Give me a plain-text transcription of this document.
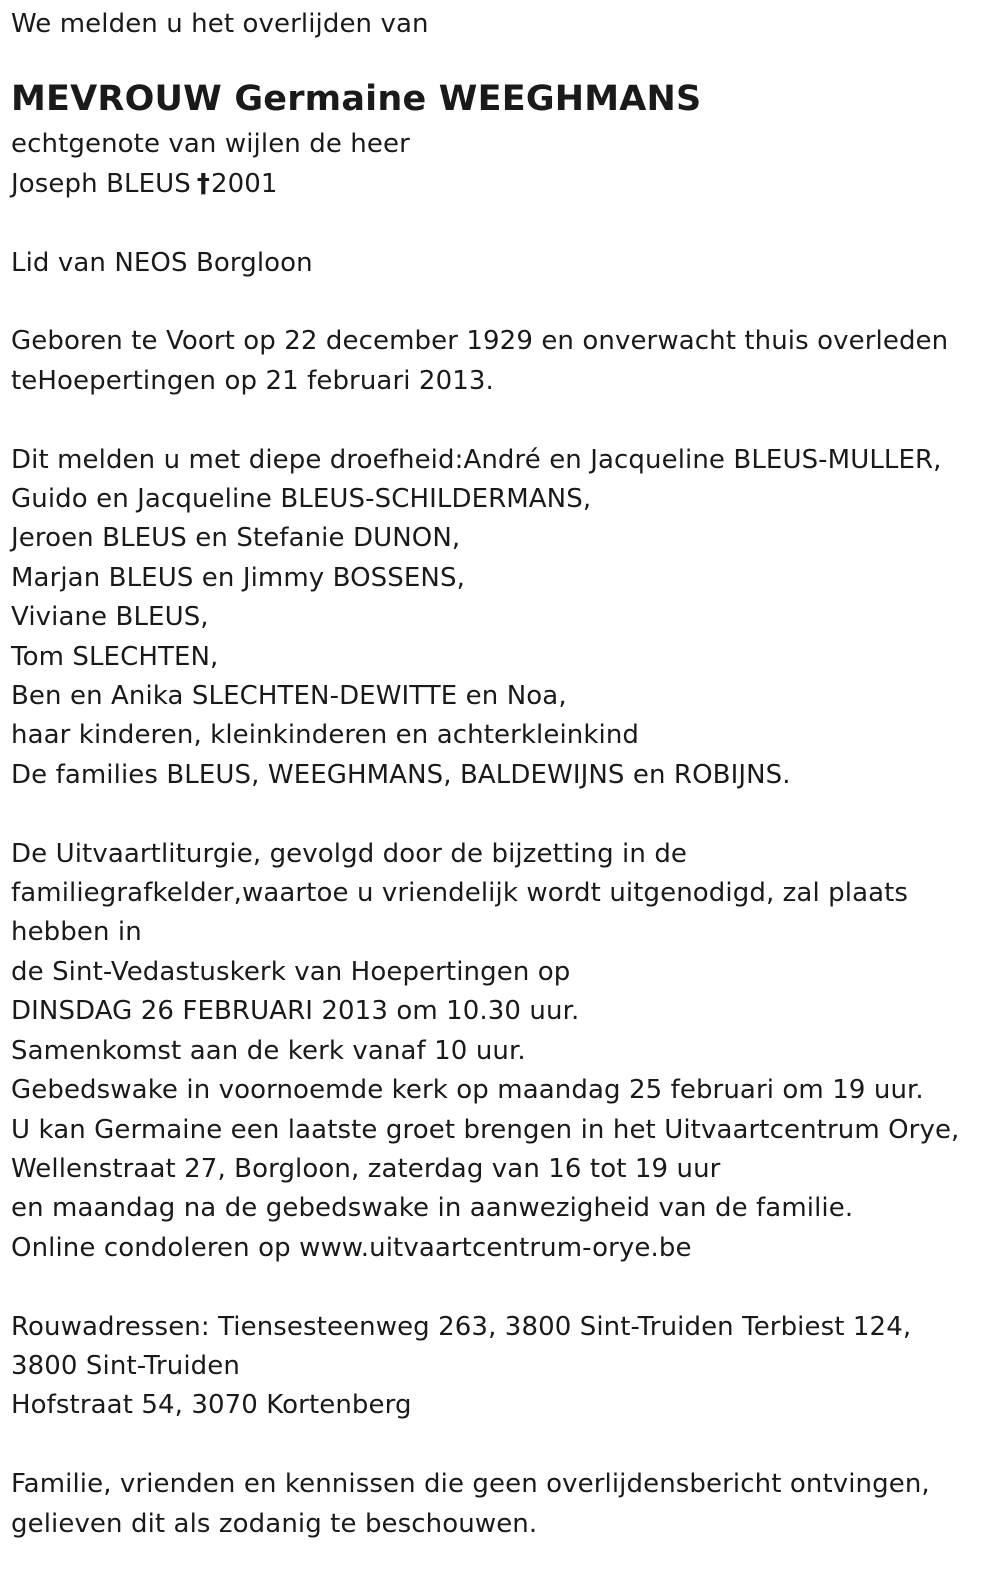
We melden u het overlijden van
MEVROUW Germaine WEEGHMANS
echtgenote van wijlen de heer
Joseph BLEUS †2001
Lid van NEOS Borgloon
Geboren te Voort op 22 december 1929 en onverwacht thuis overleden
teHoepertingen op 21 februari 2013.
Dit melden u met diepe droefheid:André en Jacqueline BLEUS-MULLER,
Guido en Jacqueline BLEUS-SCHILDERMANS,
Jeroen BLEUS en Stefanie DUNON,
Marjan BLEUS en Jimmy BOSSENS,
Viviane BLEUS,
Tom SLECHTEN,
Ben en Anika SLECHTEN-DEWITTE en Noa,
haar kinderen, kleinkinderen en achterkleinkind
De families BLEUS, WEEGHMANS, BALDEWIJNS en ROBIJNS.
De Uitvaartliturgie, gevolgd door de bijzetting in de
familiegrafkelder,waartoe u vriendelijk wordt uitgenodigd, zal plaats
hebben in
de Sint-Vedastuskerk van Hoepertingen op
DINSDAG 26 FEBRUARI 2013 om 10.30 uur.
Samenkomst aan de kerk vanaf 10 uur.
Gebedswake in voornoemde kerk op maandag 25 februari om 19 uur.
U kan Germaine een laatste groet brengen in het Uitvaartcentrum Orye,
Wellenstraat 27, Borgloon, zaterdag van 16 tot 19 uur
en maandag na de gebedswake in aanwezigheid van de familie.
Online condoleren op www.uitvaartcentrum-orye.be
Rouwadressen: Tiensesteenweg 263, 3800 Sint-Truiden Terbiest 124,
3800 Sint-Truiden
Hofstraat 54, 3070 Kortenberg
Familie, vrienden en kennissen die geen overlijdensbericht ontvingen,
gelieven dit als zodanig te beschouwen.
